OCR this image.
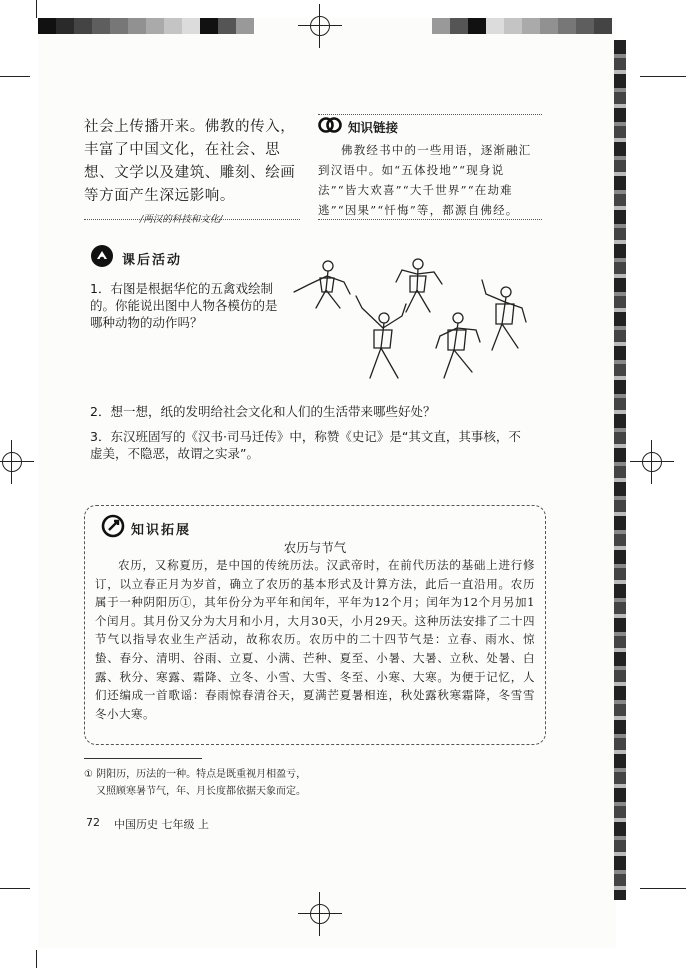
社会上传播开来。佛教的传入，丰富了中国文化，在社会、思想、文学以及建筑、雕刻、绘画等方面产生深远影响。
/两汉的科技和文化/
知识链接
佛教经书中的一些用语，逐渐融汇到汉语中。如“五体投地”“现身说法”“皆大欢喜”“大千世界”“在劫难逃”“因果”“忏悔”等，都源自佛经。
课后活动
1．右图是根据华佗的五禽戏绘制的。你能说出图中人物各模仿的是哪种动物的动作吗？
2．想一想，纸的发明给社会文化和人们的生活带来哪些好处？
3．东汉班固写的《汉书·司马迁传》中，称赞《史记》是“其文直，其事核，不虚美，不隐恶，故谓之实录”。
知识拓展
农历与节气
农历，又称夏历，是中国的传统历法。汉武帝时，在前代历法的基础上进行修订，以立春正月为岁首，确立了农历的基本形式及计算方法，此后一直沿用。农历属于一种阴阳历①，其年份分为平年和闰年，平年为12个月；闰年为12个月另加1个闰月。其月份又分为大月和小月，大月30天，小月29天。这种历法安排了二十四节气以指导农业生产活动，故称农历。农历中的二十四节气是：立春、雨水、惊蛰、春分、清明、谷雨、立夏、小满、芒种、夏至、小暑、大暑、立秋、处暑、白露、秋分、寒露、霜降、立冬、小雪、大雪、冬至、小寒、大寒。为便于记忆，人们还编成一首歌谣：春雨惊春清谷天，夏满芒夏暑相连，秋处露秋寒霜降，冬雪雪冬小大寒。
① 阴阳历，历法的一种。特点是既重视月相盈亏，
又照顾寒暑节气，年、月长度都依据天象而定。
72 中国历史 七年级 上
